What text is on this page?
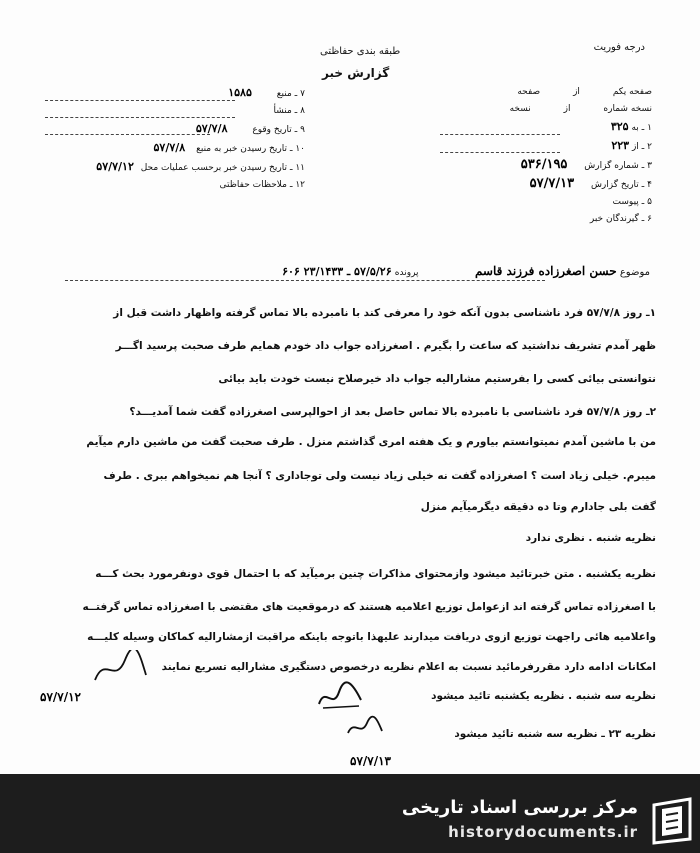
درجه فوریت
طبقه بندی حفاظتی
گزارش خبر
صفحه یکم از صفحه
نسخه شماره از نسخه
۱ ـ به ۳۲۵
۲ ـ از ۲۲۳
۳ ـ شماره گزارش ۵۳۶/۱۹۵
۴ ـ تاریخ گزارش ۵۷/۷/۱۳
۵ ـ پیوست
۶ ـ گیرندگان خبر
۷ ـ منبع ۱۵۸۵
۸ ـ منشأ
۹ ـ تاریخ وقوع ۵۷/۷/۸
۱۰ ـ تاریخ رسیدن خبر به منبع ۵۷/۷/۸
۱۱ ـ تاریخ رسیدن خبر برحسب عملیات محل ۵۷/۷/۱۲
۱۲ ـ ملاحظات حفاظتی
موضوع حسن اصغرزاده فرزند قاسم  پرونده ۵۷/۵/۲۶ ـ ۲۳/۱۴۳۳ ۶۰۶
۱ـ روز ۵۷/۷/۸ فرد ناشناسی بدون آنکه خود را معرفی کند با نامبرده بالا تماس گرفته واظهار داشت قبل از
ظهر آمدم تشریف نداشتید که ساعت را بگیرم . اصغرزاده جواب داد خودم همایم طرف صحبت پرسید اگـــر
نتوانستی بیائی کسی را بفرستیم مشارالیه جواب داد خیرصلاح نیست خودت باید بیائی
۲ـ روز ۵۷/۷/۸ فرد ناشناسی با نامبرده بالا تماس حاصل بعد از احوالپرسی اصغرزاده گفت شما آمدیـــد؟
من با ماشین آمدم نمیتوانستم بیاورم و یک هفته امری گذاشتم منزل . طرف صحبت گفت من ماشین دارم میآیم
میبرم. خیلی زیاد است ؟ اصغرزاده گفت نه خیلی زیاد نیست ولی توجاداری ؟ آنجا هم نمیخواهم ببری . طرف
گفت بلی جادارم وتا ده دقیقه دیگرمیآیم منزل
نظریه شنبه . نظری ندارد
نظریه یکشنبه . متن خبرتائید میشود وازمحتوای مذاکرات چنین برمیآید که با احتمال قوی دونفرمورد بحث کـــه
با اصغرزاده تماس گرفته اند ازعوامل توزیع اعلامیه هستند که درموقعیت های مقتضی با اصغرزاده تماس گرفتــه
واعلامیه هائی راجهت توزیع ازوی دریافت میدارند علیهذا باتوجه باینکه مراقبت ازمشارالیه کماکان وسیله کلیـــه
امکانات ادامه دارد مقررفرمائید نسبت به اعلام نظریه درخصوص دستگیری مشارالیه تسریع نمایند
نظریه سه شنبه . نظریه یکشنبه تائید میشود
نظریه ۲۳ ـ نظریه سه شنبه تائید میشود
۵۷/۷/۱۲
۵۷/۷/۱۳
مرکز بررسی اسناد تاریخی
historydocuments.ir
